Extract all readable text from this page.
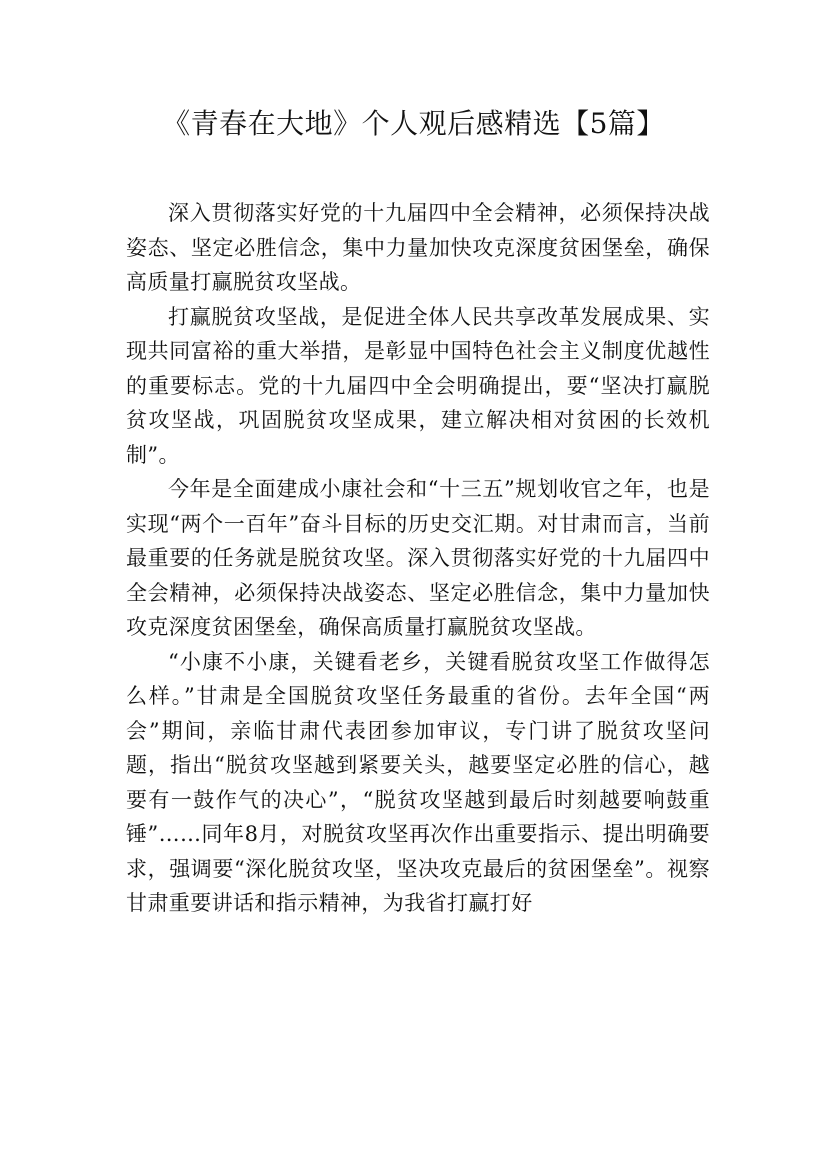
《青春在大地》个人观后感精选【5篇】

深入贯彻落实好党的十九届四中全会精神，必须保持决战姿态、坚定必胜信念，集中力量加快攻克深度贫困堡垒，确保高质量打赢脱贫攻坚战。

打赢脱贫攻坚战，是促进全体人民共享改革发展成果、实现共同富裕的重大举措，是彰显中国特色社会主义制度优越性的重要标志。党的十九届四中全会明确提出，要“坚决打赢脱贫攻坚战，巩固脱贫攻坚成果，建立解决相对贫困的长效机制”。

今年是全面建成小康社会和“十三五”规划收官之年，也是实现“两个一百年”奋斗目标的历史交汇期。对甘肃而言，当前最重要的任务就是脱贫攻坚。深入贯彻落实好党的十九届四中全会精神，必须保持决战姿态、坚定必胜信念，集中力量加快攻克深度贫困堡垒，确保高质量打赢脱贫攻坚战。

“小康不小康，关键看老乡，关键看脱贫攻坚工作做得怎么样。”甘肃是全国脱贫攻坚任务最重的省份。去年全国“两会”期间，亲临甘肃代表团参加审议，专门讲了脱贫攻坚问题，指出“脱贫攻坚越到紧要关头，越要坚定必胜的信心，越要有一鼓作气的决心”，“脱贫攻坚越到最后时刻越要响鼓重锤”……同年8月，对脱贫攻坚再次作出重要指示、提出明确要求，强调要“深化脱贫攻坚，坚决攻克最后的贫困堡垒”。视察甘肃重要讲话和指示精神，为我省打赢打好
